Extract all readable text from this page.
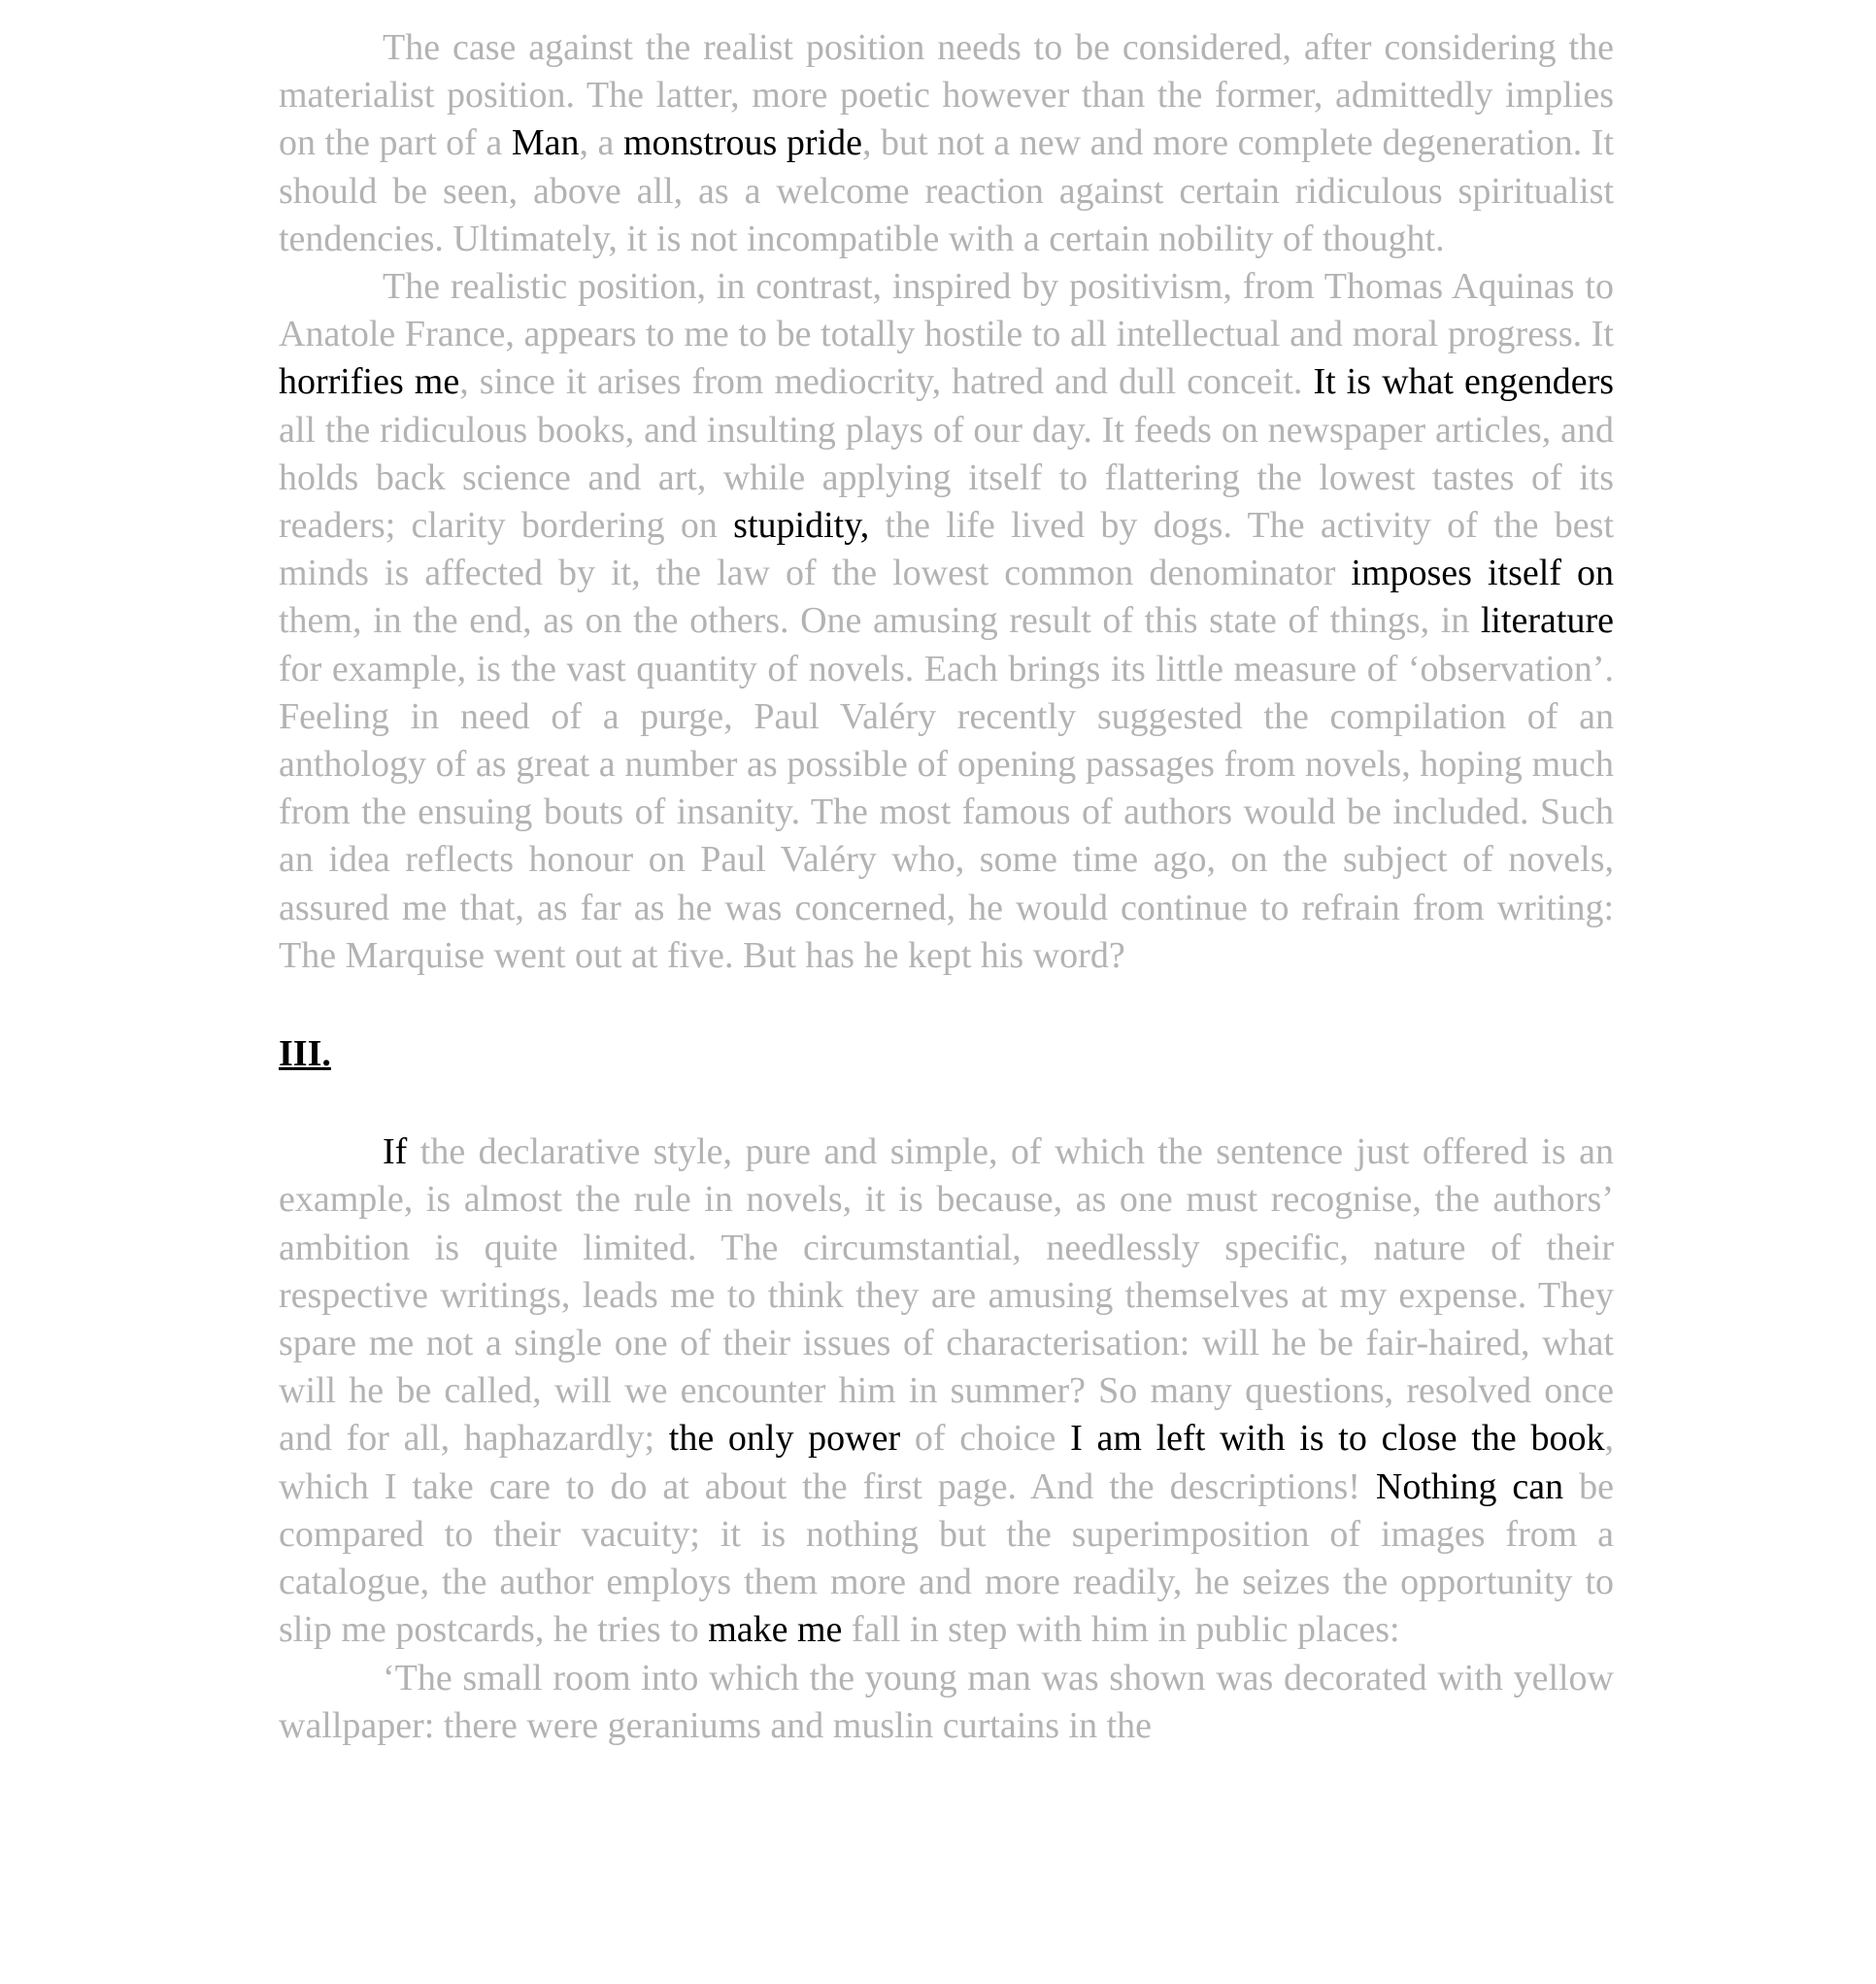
The case against the realist position needs to be considered, after considering the materialist position. The latter, more poetic however than the former, admittedly implies on the part of a Man, a monstrous pride, but not a new and more complete degeneration. It should be seen, above all, as a welcome reaction against certain ridiculous spiritualist tendencies. Ultimately, it is not incompatible with a certain nobility of thought.

The realistic position, in contrast, inspired by positivism, from Thomas Aquinas to Anatole France, appears to me to be totally hostile to all intellectual and moral progress. It horrifies me, since it arises from mediocrity, hatred and dull conceit. It is what engenders all the ridiculous books, and insulting plays of our day. It feeds on newspaper articles, and holds back science and art, while applying itself to flattering the lowest tastes of its readers; clarity bordering on stupidity, the life lived by dogs. The activity of the best minds is affected by it, the law of the lowest common denominator imposes itself on them, in the end, as on the others. One amusing result of this state of things, in literature for example, is the vast quantity of novels. Each brings its little measure of ‘observation’. Feeling in need of a purge, Paul Valéry recently suggested the compilation of an anthology of as great a number as possible of opening passages from novels, hoping much from the ensuing bouts of insanity. The most famous of authors would be included. Such an idea reflects honour on Paul Valéry who, some time ago, on the subject of novels, assured me that, as far as he was concerned, he would continue to refrain from writing: The Marquise went out at five. But has he kept his word?

III.

If the declarative style, pure and simple, of which the sentence just offered is an example, is almost the rule in novels, it is because, as one must recognise, the authors’ ambition is quite limited. The circumstantial, needlessly specific, nature of their respective writings, leads me to think they are amusing themselves at my expense. They spare me not a single one of their issues of characterisation: will he be fair-haired, what will he be called, will we encounter him in summer? So many questions, resolved once and for all, haphazardly; the only power of choice I am left with is to close the book, which I take care to do at about the first page. And the descriptions! Nothing can be compared to their vacuity; it is nothing but the superimposition of images from a catalogue, the author employs them more and more readily, he seizes the opportunity to slip me postcards, he tries to make me fall in step with him in public places:

‘The small room into which the young man was shown was decorated with yellow wallpaper: there were geraniums and muslin curtains in the
